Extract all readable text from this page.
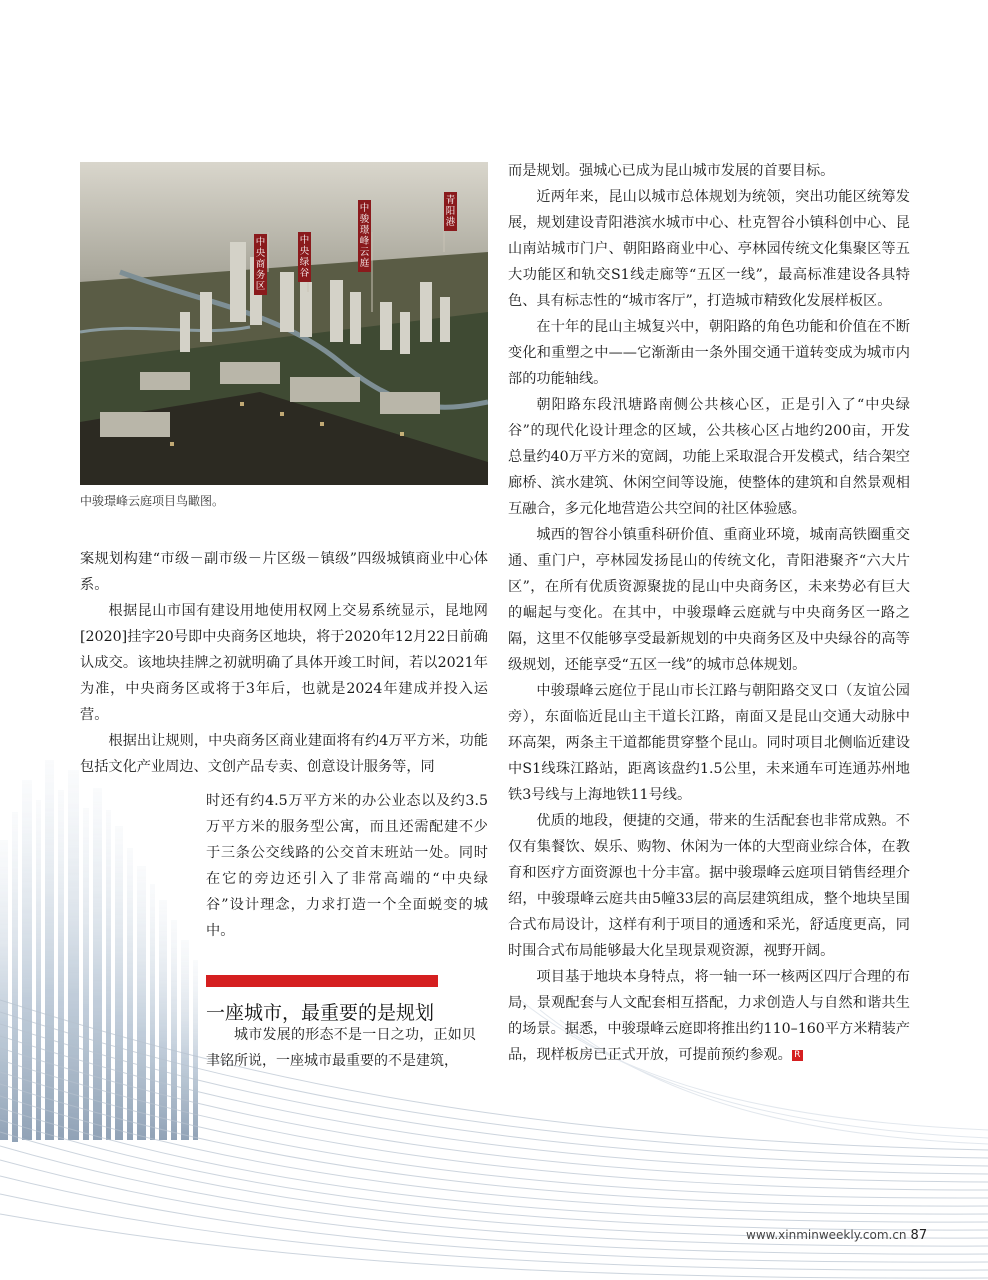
中骏璟峰云庭
青阳港
中央商务区
中央绿谷
中骏璟峰云庭项目鸟瞰图。

案规划构建“市级－副市级－片区级－镇级”四级城镇商业中心体系。

根据昆山市国有建设用地使用权网上交易系统显示，昆地网[2020]挂字20号即中央商务区地块，将于2020年12月22日前确认成交。该地块挂牌之初就明确了具体开竣工时间，若以2021年为准，中央商务区或将于3年后，也就是2024年建成并投入运营。

根据出让规则，中央商务区商业建面将有约4万平方米，功能包括文化产业周边、文创产品专卖、创意设计服务等，同

时还有约4.5万平方米的办公业态以及约3.5万平方米的服务型公寓，而且还需配建不少于三条公交线路的公交首末班站一处。同时在它的旁边还引入了非常高端的“中央绿谷”设计理念，力求打造一个全面蜕变的城中。

一座城市，最重要的是规划

城市发展的形态不是一日之功，正如贝聿铭所说，一座城市最重要的不是建筑，

而是规划。强城心已成为昆山城市发展的首要目标。

近两年来，昆山以城市总体规划为统领，突出功能区统筹发展，规划建设青阳港滨水城市中心、杜克智谷小镇科创中心、昆山南站城市门户、朝阳路商业中心、亭林园传统文化集聚区等五大功能区和轨交S1线走廊等“五区一线”，最高标准建设各具特色、具有标志性的“城市客厅”，打造城市精致化发展样板区。

在十年的昆山主城复兴中，朝阳路的角色功能和价值在不断变化和重塑之中——它渐渐由一条外围交通干道转变成为城市内部的功能轴线。

朝阳路东段汛塘路南侧公共核心区，正是引入了“中央绿谷”的现代化设计理念的区域，公共核心区占地约200亩，开发总量约40万平方米的宽阔，功能上采取混合开发模式，结合架空廊桥、滨水建筑、休闲空间等设施，使整体的建筑和自然景观相互融合，多元化地营造公共空间的社区体验感。

城西的智谷小镇重科研价值、重商业环境，城南高铁圈重交通、重门户，亭林园发扬昆山的传统文化，青阳港聚齐“六大片区”，在所有优质资源聚拢的昆山中央商务区，未来势必有巨大的崛起与变化。在其中，中骏璟峰云庭就与中央商务区一路之隔，这里不仅能够享受最新规划的中央商务区及中央绿谷的高等级规划，还能享受“五区一线”的城市总体规划。

中骏璟峰云庭位于昆山市长江路与朝阳路交叉口（友谊公园旁），东面临近昆山主干道长江路，南面又是昆山交通大动脉中环高架，两条主干道都能贯穿整个昆山。同时项目北侧临近建设中S1线珠江路站，距离该盘约1.5公里，未来通车可连通苏州地铁3号线与上海地铁11号线。

优质的地段，便捷的交通，带来的生活配套也非常成熟。不仅有集餐饮、娱乐、购物、休闲为一体的大型商业综合体，在教育和医疗方面资源也十分丰富。据中骏璟峰云庭项目销售经理介绍，中骏璟峰云庭共由5幢33层的高层建筑组成，整个地块呈围合式布局设计，这样有利于项目的通透和采光，舒适度更高，同时围合式布局能够最大化呈现景观资源，视野开阔。

项目基于地块本身特点，将一轴一环一核两区四厅合理的布局，景观配套与人文配套相互搭配，力求创造人与自然和谐共生的场景。据悉，中骏璟峰云庭即将推出约110–160平方米精装产品，现样板房已正式开放，可提前预约参观。 R

www.xinminweekly.com.cn 87
